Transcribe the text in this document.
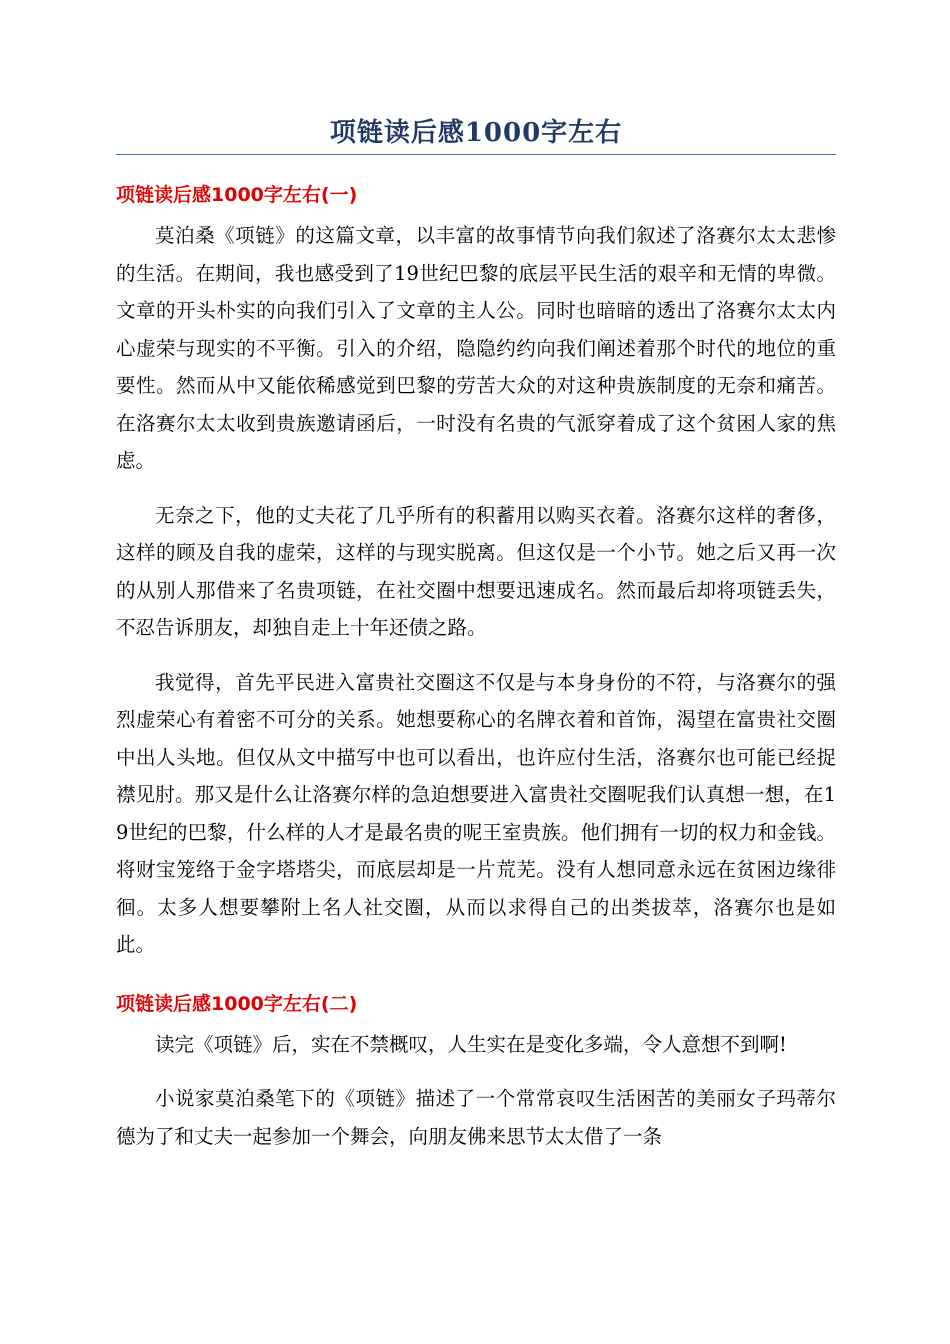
项链读后感1000字左右
项链读后感1000字左右(一)

莫泊桑《项链》的这篇文章，以丰富的故事情节向我们叙述了洛赛尔太太悲惨的生活。在期间，我也感受到了19世纪巴黎的底层平民生活的艰辛和无情的卑微。文章的开头朴实的向我们引入了文章的主人公。同时也暗暗的透出了洛赛尔太太内心虚荣与现实的不平衡。引入的介绍，隐隐约约向我们阐述着那个时代的地位的重要性。然而从中又能依稀感觉到巴黎的劳苦大众的对这种贵族制度的无奈和痛苦。在洛赛尔太太收到贵族邀请函后，一时没有名贵的气派穿着成了这个贫困人家的焦虑。

无奈之下，他的丈夫花了几乎所有的积蓄用以购买衣着。洛赛尔这样的奢侈，这样的顾及自我的虚荣，这样的与现实脱离。但这仅是一个小节。她之后又再一次的从别人那借来了名贵项链，在社交圈中想要迅速成名。然而最后却将项链丢失，不忍告诉朋友，却独自走上十年还债之路。

我觉得，首先平民进入富贵社交圈这不仅是与本身身份的不符，与洛赛尔的强烈虚荣心有着密不可分的关系。她想要称心的名牌衣着和首饰，渴望在富贵社交圈中出人头地。但仅从文中描写中也可以看出，也许应付生活，洛赛尔也可能已经捉襟见肘。那又是什么让洛赛尔样的急迫想要进入富贵社交圈呢我们认真想一想，在19世纪的巴黎，什么样的人才是最名贵的呢王室贵族。他们拥有一切的权力和金钱。将财宝笼络于金字塔塔尖，而底层却是一片荒芜。没有人想同意永远在贫困边缘徘徊。太多人想要攀附上名人社交圈，从而以求得自己的出类拔萃，洛赛尔也是如此。

项链读后感1000字左右(二)

读完《项链》后，实在不禁概叹，人生实在是变化多端，令人意想不到啊!

小说家莫泊桑笔下的《项链》描述了一个常常哀叹生活困苦的美丽女子玛蒂尔德为了和丈夫一起参加一个舞会，向朋友佛来思节太太借了一条
